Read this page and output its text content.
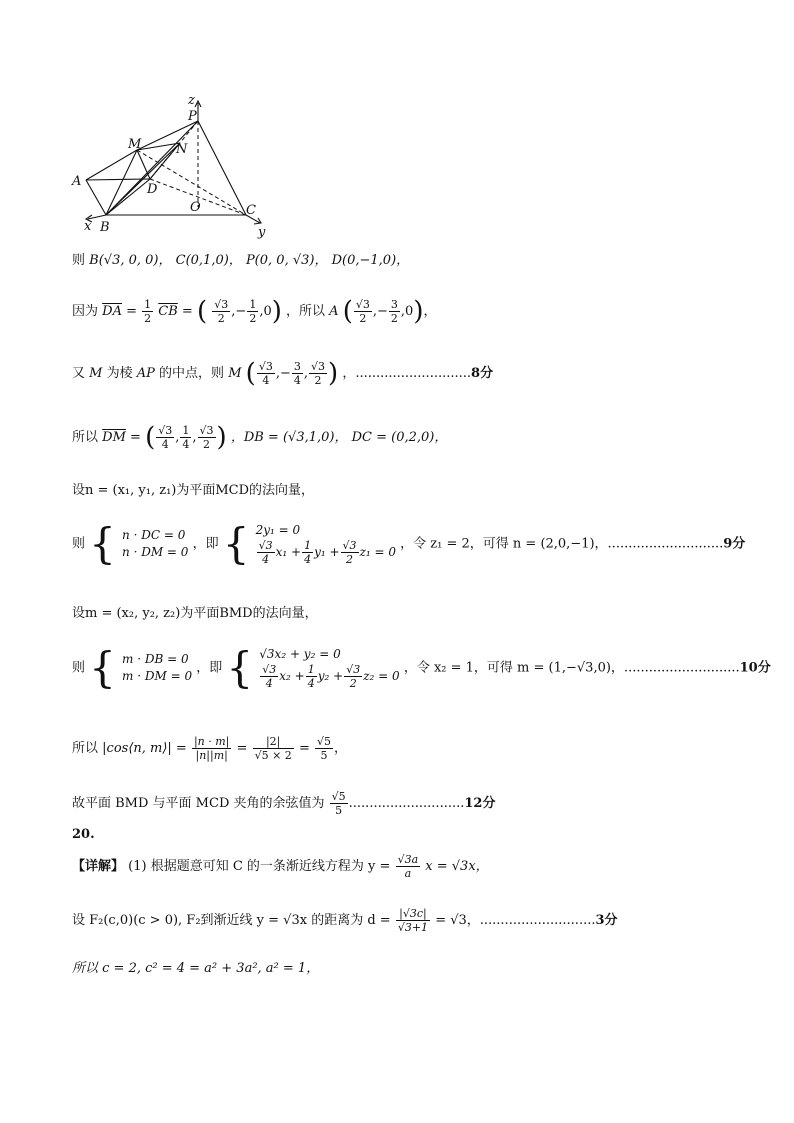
z
P
M	N
A
D
O
B
C
x	y
则 B(√3, 0, 0)， C(0,1,0)， P(0, 0, √3)， D(0,−1,0)，
因为 $\overline{DA} = \frac{1}{2} \overline{CB}$ = ( $\frac{√3}{2}$ ,− $\frac{1}{2} ,0$) ，所以 A ( $\frac{√3}{2}$ ,− $\frac{3}{2} ,0$)，
又 M 为棱 AP 的中点，则 M ( $\frac{√3}{4}$ ,− $\frac{3}{4}$ , $\frac{√3}{2}$ ) ，............................8分
所以 $\overline{DM}$ = ( $\frac{√3}{4}$ , $\frac{1}{4}$ , $\frac{√3}{2}$ ) ，DB = (√3,1,0)， DC = (0,2,0)，
设n = (x₁, y₁, z₁)为平面MCD的法向量，
则 { n · DC = 0
n · DM = 0
，即 { 2y₁ = 0
$\frac{√3}{4} x_1 + \frac{1}{4} y_1 + \frac{√3}{2} z_1 = 0$
，令 z₁ = 2，可得 n = (2,0,−1)，............................9分
设m = (x₂, y₂, z₂)为平面BMD的法向量，
则 { m · DB = 0
m · DM = 0
，即 { √3x₂ + y₂ = 0
$\frac{√3}{4} x_2 + \frac{1}{4} y_2 + \frac{√3}{2} z_2 = 0$
，令 x₂ = 1，可得 m = (1,−√3,0)，............................10分
所以 |cos⟨n, m⟩| = $\frac{|n \cdot m|}{|n||m|} = \frac{|2|}{√5 \times 2} = \frac{√5}{5}$ ，
故平面 BMD 与平面 MCD 夹角的余弦值为 $\frac{√5}{5} ............................12$分
20.
【详解】 (1) 根据题意可知 C 的一条渐近线方程为 $y = \frac{√3a}{a}$ x = √3x，
设 F₂(c,0)(c > 0), F₂到渐近线 y = √3x 的距离为 $d = \frac{|√3c|}{√3+1} = √3$，............................3分
所以 c = 2, c² = 4 = a² + 3a², a² = 1，
